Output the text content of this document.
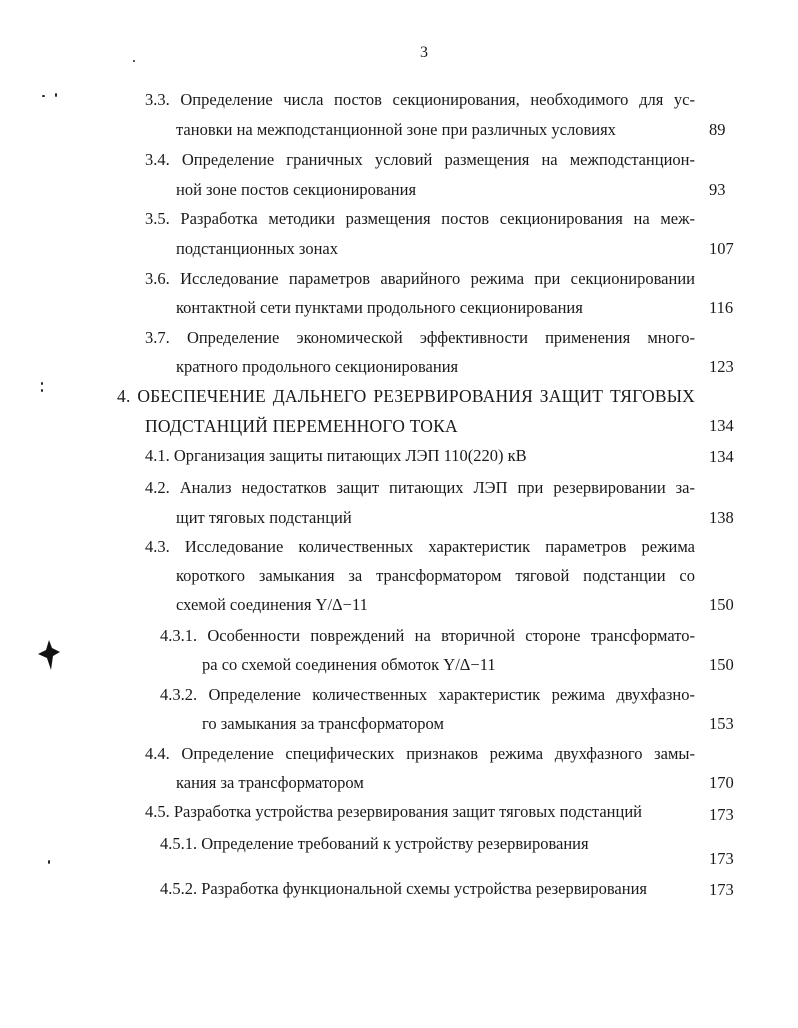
3
3.3. Определение числа постов секционирования, необходимого для ус-
тановки на межподстанционной зоне при различных условиях	89
3.4. Определение граничных условий размещения на межподстанцион-
ной зоне постов секционирования	93
3.5. Разработка методики размещения постов секционирования на меж-
подстанционных зонах	107
3.6. Исследование параметров аварийного режима при секционировании
контактной сети пунктами продольного секционирования	116
3.7. Определение экономической эффективности применения много-
кратного продольного секционирования	123
4. ОБЕСПЕЧЕНИЕ ДАЛЬНЕГО РЕЗЕРВИРОВАНИЯ ЗАЩИТ ТЯГОВЫХ
ПОДСТАНЦИЙ ПЕРЕМЕННОГО ТОКА	134
4.1. Организация защиты питающих ЛЭП 110(220) кВ	134
4.2. Анализ недостатков защит питающих ЛЭП при резервировании за-
щит тяговых подстанций	138
4.3. Исследование количественных характеристик параметров режима
короткого замыкания за трансформатором тяговой подстанции со
схемой соединения Y/Δ−11	150
4.3.1. Особенности повреждений на вторичной стороне трансформато-
ра со схемой соединения обмоток Y/Δ−11	150
4.3.2. Определение количественных характеристик режима двухфазно-
го замыкания за трансформатором	153
4.4. Определение специфических признаков режима двухфазного замы-
кания за трансформатором	170
4.5. Разработка устройства резервирования защит тяговых подстанций	173
4.5.1. Определение требований к устройству резервирования
173
4.5.2. Разработка функциональной схемы устройства резервирования	173
